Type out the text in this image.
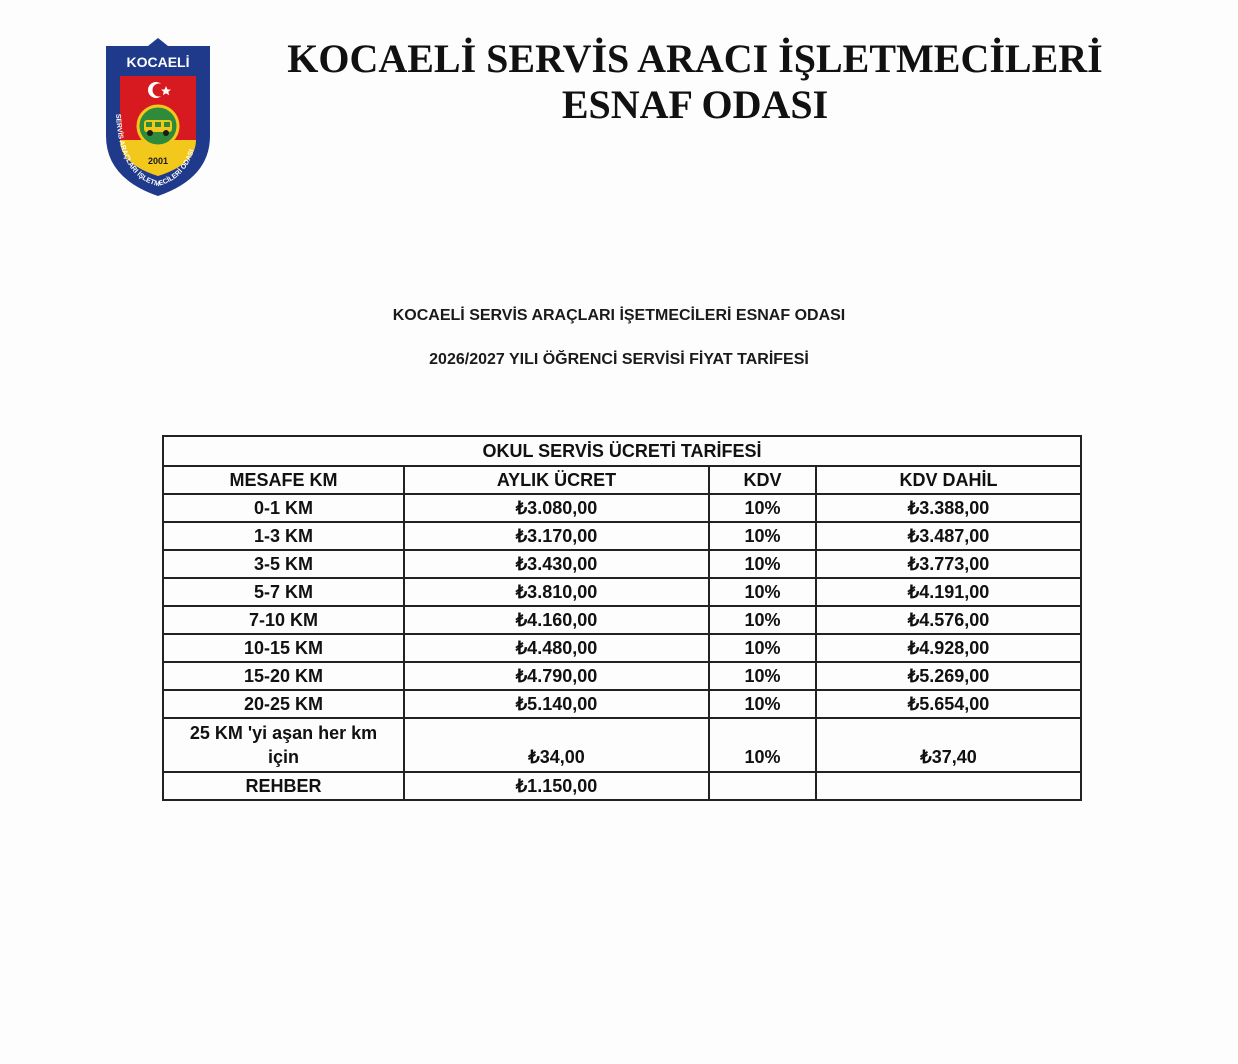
KOCAELİ
2001
SERVİS ARAÇLARI İŞLETMECİLERİ ODASI
KOCAELİ SERVİS ARACI İŞLETMECİLERİ
ESNAF ODASI
KOCAELİ SERVİS ARAÇLARI İŞETMECİLERİ ESNAF ODASI
2026/2027 YILI ÖĞRENCİ SERVİSİ FİYAT TARİFESİ
OKUL SERVİS ÜCRETİ TARİFESİ			
MESAFE KM	AYLIK ÜCRET	KDV	KDV DAHİL
0-1 KM	₺3.080,00	10%	₺3.388,00
1-3 KM	₺3.170,00	10%	₺3.487,00
3-5 KM	₺3.430,00	10%	₺3.773,00
5-7 KM	₺3.810,00	10%	₺4.191,00
7-10 KM	₺4.160,00	10%	₺4.576,00
10-15 KM	₺4.480,00	10%	₺4.928,00
15-20 KM	₺4.790,00	10%	₺5.269,00
20-25 KM	₺5.140,00	10%	₺5.654,00

25 KM 'yi aşan her km
için	₺34,00	10%	₺37,40
REHBER	₺1.150,00		
